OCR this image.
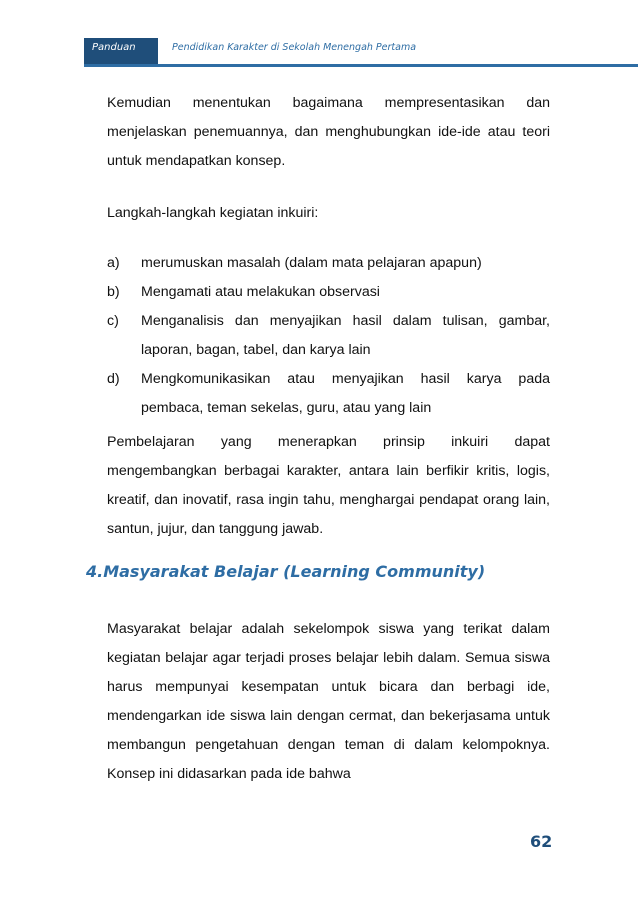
Panduan	Pendidikan Karakter di Sekolah Menengah Pertama
Kemudian menentukan bagaimana mempresentasikan dan menjelaskan penemuannya, dan menghubungkan ide-ide atau teori untuk mendapatkan konsep.
Langkah-langkah kegiatan inkuiri:
a) merumuskan masalah (dalam mata pelajaran apapun)
b) Mengamati atau melakukan observasi
c) Menganalisis dan menyajikan hasil dalam tulisan, gambar, laporan, bagan, tabel, dan karya lain
d) Mengkomunikasikan atau menyajikan hasil karya pada pembaca, teman sekelas, guru, atau yang lain
Pembelajaran yang menerapkan prinsip inkuiri dapat mengembangkan berbagai karakter, antara lain berfikir kritis, logis, kreatif, dan inovatif, rasa ingin tahu, menghargai pendapat orang lain, santun, jujur, dan tanggung jawab.
4.Masyarakat Belajar (Learning Community)
Masyarakat belajar adalah sekelompok siswa yang terikat dalam kegiatan belajar agar terjadi proses belajar lebih dalam. Semua siswa harus mempunyai kesempatan untuk bicara dan berbagi ide, mendengarkan ide siswa lain dengan cermat, dan bekerjasama untuk membangun pengetahuan dengan teman di dalam kelompoknya. Konsep ini didasarkan pada ide bahwa
62
